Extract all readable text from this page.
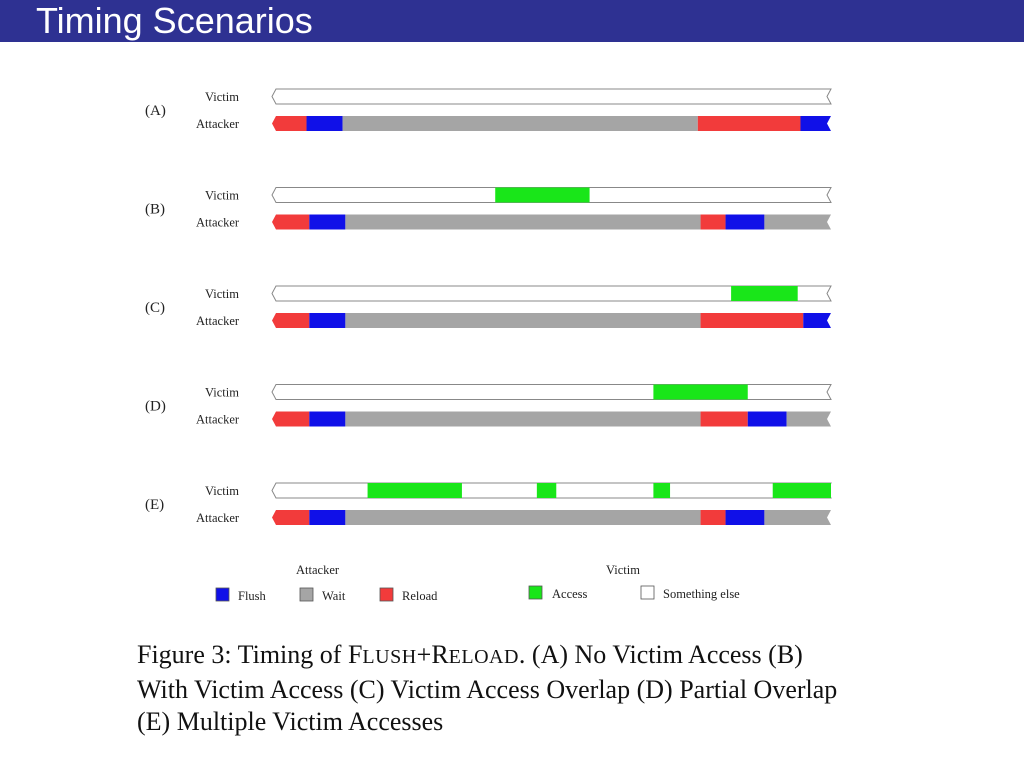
Timing Scenarios
(A)
Victim
Attacker
(B)
Victim
Attacker
(C)
Victim
Attacker
(D)
Victim
Attacker
(E)
Victim
Attacker
Attacker	Victim
Flush	Wait	Reload	Access	Something else
Figure 3: Timing of FLUSH+RELOAD. (A) No Victim Access (B) With Victim Access (C) Victim Access Overlap (D) Partial Overlap (E) Multiple Victim Accesses
